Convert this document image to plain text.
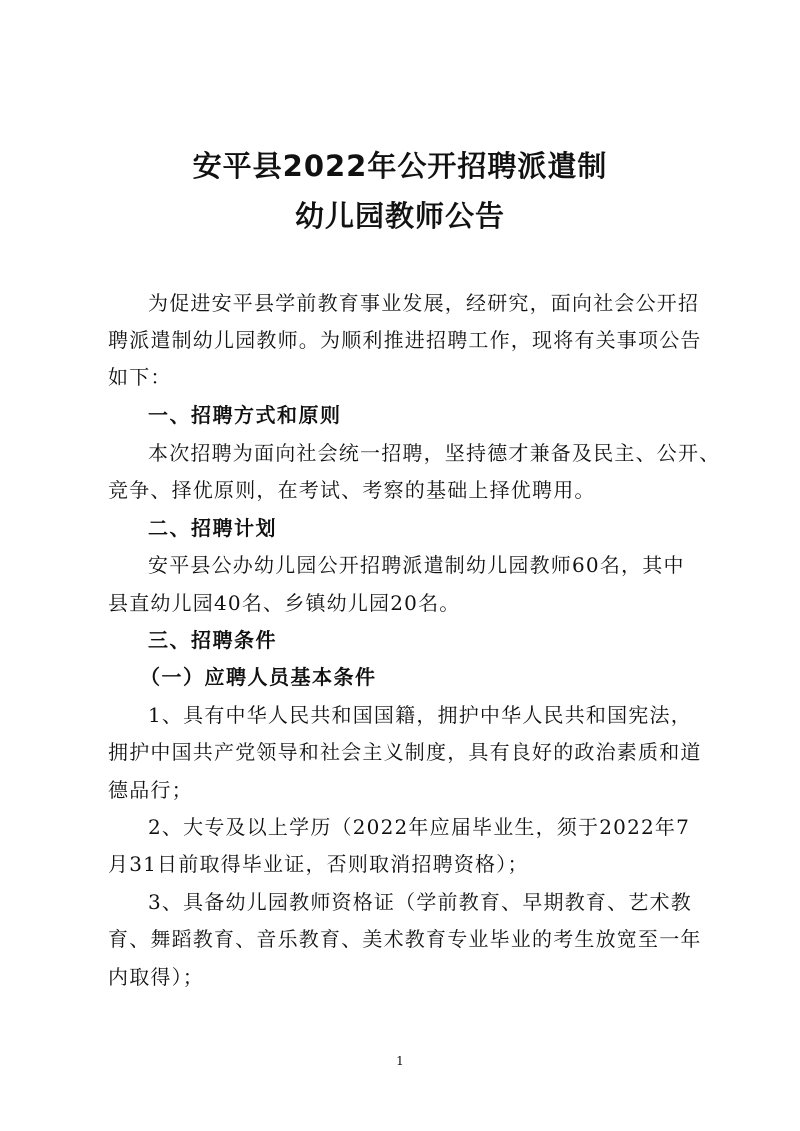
安平县2022年公开招聘派遣制
幼儿园教师公告
为促进安平县学前教育事业发展，经研究，面向社会公开招
聘派遣制幼儿园教师。为顺利推进招聘工作，现将有关事项公告
如下：
一、招聘方式和原则
本次招聘为面向社会统一招聘，坚持德才兼备及民主、公开、
竞争、择优原则，在考试、考察的基础上择优聘用。
二、招聘计划
安平县公办幼儿园公开招聘派遣制幼儿园教师60名，其中
县直幼儿园40名、乡镇幼儿园20名。
三、招聘条件
（一）应聘人员基本条件
1、具有中华人民共和国国籍，拥护中华人民共和国宪法，
拥护中国共产党领导和社会主义制度，具有良好的政治素质和道
德品行；
2、大专及以上学历（2022年应届毕业生，须于2022年7
月31日前取得毕业证，否则取消招聘资格）；
3、具备幼儿园教师资格证（学前教育、早期教育、艺术教
育、舞蹈教育、音乐教育、美术教育专业毕业的考生放宽至一年
内取得）；
1
